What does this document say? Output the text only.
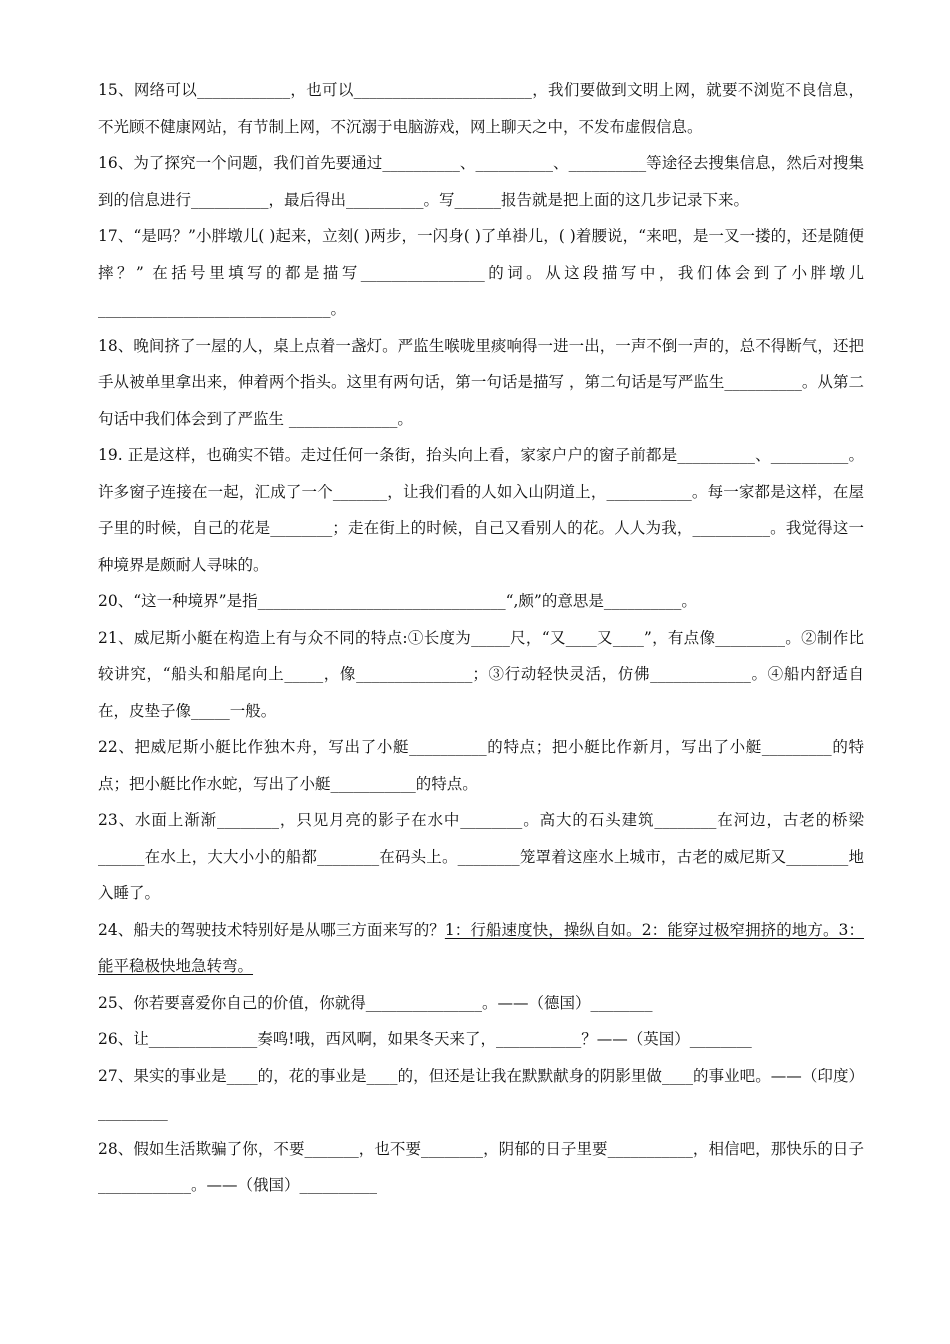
15、网络可以____________，也可以_______________________，我们要做到文明上网，就要不浏览不良信息，不光顾不健康网站，有节制上网，不沉溺于电脑游戏，网上聊天之中，不发布虚假信息。

16、为了探究一个问题，我们首先要通过__________、__________、__________等途径去搜集信息，然后对搜集到的信息进行__________，最后得出__________。写______报告就是把上面的这几步记录下来。

17、“是吗？”小胖墩儿( )起来，立刻( )两步，一闪身( )了单褂儿，( )着腰说，“来吧，是一叉一搂的，还是随便摔？” 在括号里填写的都是描写________________的词。从这段描写中，我们体会到了小胖墩儿______________________________。

18、晚间挤了一屋的人，桌上点着一盏灯。严监生喉咙里痰响得一进一出，一声不倒一声的，总不得断气，还把手从被单里拿出来，伸着两个指头。这里有两句话，第一句话是描写 ，第二句话是写严监生__________。从第二句话中我们体会到了严监生 ______________。

19. 正是这样，也确实不错。走过任何一条街，抬头向上看，家家户户的窗子前都是__________、__________。许多窗子连接在一起，汇成了一个_______，让我们看的人如入山阴道上，___________。每一家都是这样，在屋子里的时候，自己的花是________；走在街上的时候，自己又看别人的花。人人为我，__________。我觉得这一种境界是颇耐人寻味的。

20、“这一种境界”是指________________________________“,颇”的意思是__________。

21、威尼斯小艇在构造上有与众不同的特点:①长度为_____尺，“又____又____”，有点像_________。②制作比较讲究，“船头和船尾向上_____，像_______________；③行动轻快灵活，仿佛_____________。④船内舒适自在，皮垫子像_____一般。

22、把威尼斯小艇比作独木舟，写出了小艇__________的特点；把小艇比作新月，写出了小艇_________的特点；把小艇比作水蛇，写出了小艇___________的特点。

23、水面上渐渐________，只见月亮的影子在水中________。高大的石头建筑________在河边，古老的桥梁______在水上，大大小小的船都________在码头上。________笼罩着这座水上城市，古老的威尼斯又________地入睡了。

24、船夫的驾驶技术特别好是从哪三方面来写的？1：行船速度快，操纵自如。2：能穿过极窄拥挤的地方。3：能平稳极快地急转弯。

25、你若要喜爱你自己的价值，你就得_______________。——（德国）________

26、让______________奏鸣!哦，西风啊，如果冬天来了，___________？——（英国）________

27、果实的事业是____的，花的事业是____的，但还是让我在默默献身的阴影里做____的事业吧。——（印度）_________

28、假如生活欺骗了你，不要_______，也不要________，阴郁的日子里要___________，相信吧，那快乐的日子____________。——（俄国）__________
